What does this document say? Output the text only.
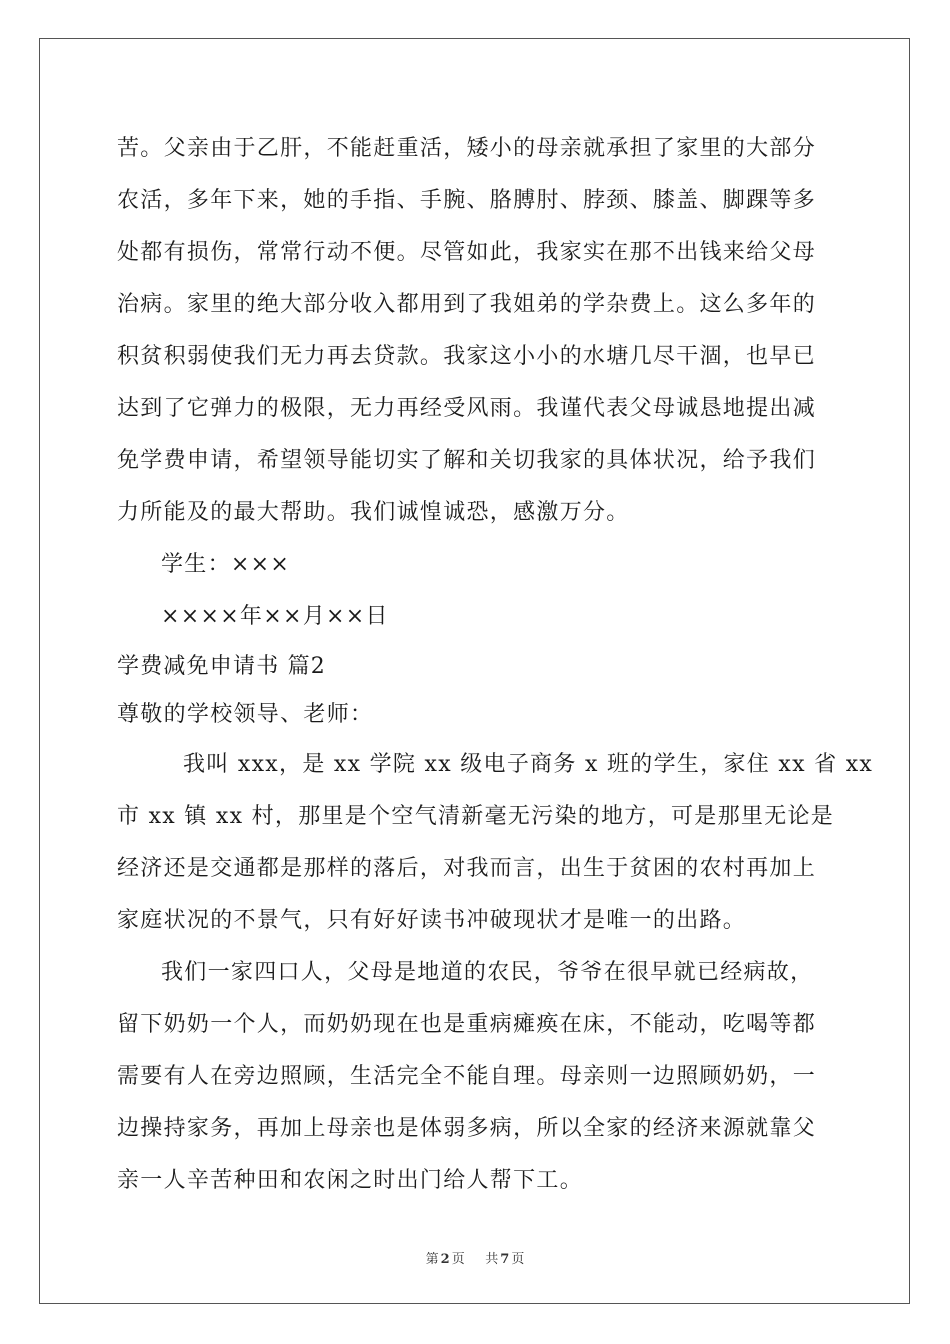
苦。父亲由于乙肝，不能赶重活，矮小的母亲就承担了家里的大部分
农活，多年下来，她的手指、手腕、胳膊肘、脖颈、膝盖、脚踝等多
处都有损伤，常常行动不便。尽管如此，我家实在那不出钱来给父母
治病。家里的绝大部分收入都用到了我姐弟的学杂费上。这么多年的
积贫积弱使我们无力再去贷款。我家这小小的水塘几尽干涸，也早已
达到了它弹力的极限，无力再经受风雨。我谨代表父母诚恳地提出减
免学费申请，希望领导能切实了解和关切我家的具体状况，给予我们
力所能及的最大帮助。我们诚惶诚恐，感激万分。
学生：×××
××××年××月××日
学费减免申请书 篇2
尊敬的学校领导、老师：
我叫 xxx，是 xx 学院 xx 级电子商务 x 班的学生，家住 xx 省 xx
市 xx 镇 xx 村，那里是个空气清新毫无污染的地方，可是那里无论是
经济还是交通都是那样的落后，对我而言，出生于贫困的农村再加上
家庭状况的不景气，只有好好读书冲破现状才是唯一的出路。
我们一家四口人，父母是地道的农民，爷爷在很早就已经病故，
留下奶奶一个人，而奶奶现在也是重病瘫痪在床，不能动，吃喝等都
需要有人在旁边照顾，生活完全不能自理。母亲则一边照顾奶奶，一
边操持家务，再加上母亲也是体弱多病，所以全家的经济来源就靠父
亲一人辛苦种田和农闲之时出门给人帮下工。
第 2 页 共 7 页
